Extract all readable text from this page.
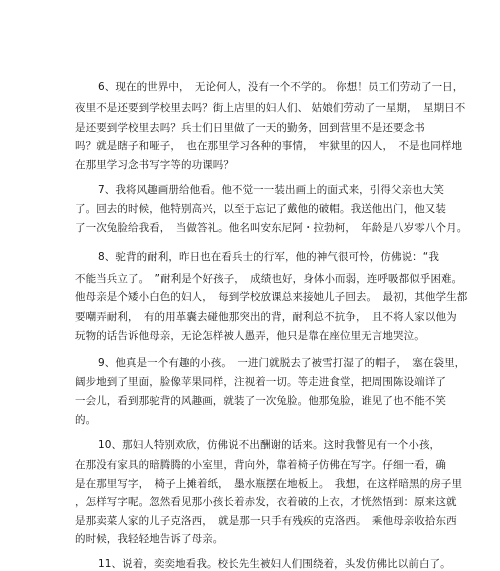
6、现在的世界中，　无论何人，没有一个不学的。 你想！员工们劳动了一日，
夜里不是还要到学校里去吗？街上店里的妇人们、 姑娘们劳动了一星期，　星期日不
是还要到学校里去吗？兵士们日里做了一天的勤务，回到营里不是还要念书
吗？就是瞎子和哑子，　也在那里学习各种的事情，　牢狱里的囚人，　不是也同样地
在那里学习念书写字等的功课吗？
7、我将风趣画册给他看。他不觉一一装出画上的面式来，引得父亲也大笑
了。回去的时候，他特别高兴，以至于忘记了戴他的破帽。我送他出门，他又装
了一次兔脸给我看，　当做答礼。他名叫安东尼阿・拉勃柯，　年龄是八岁零八个月。
8、驼背的耐利，昨日也在看兵士的行军，他的神气很可怜，仿佛说：“我
不能当兵立了。　”耐利是个好孩子，　成绩也好，身体小而弱，连呼吸都似乎困难。
他母亲是个矮小白色的妇人，　每到学校放课总来接她儿子回去。　最初，其他学生都
要嘲弄耐利，　有的用革囊去碰他那突出的背，耐利总不抗争，　且不将人家以他为
玩物的话告诉他母亲，无论怎样被人愚弄，他只是靠在座位里无言地哭泣。
9、他真是一个有趣的小孩。　一进门就脱去了被雪打湿了的帽子，　塞在袋里，
阔步地到了里面，脸像苹果同样，注视着一切。等走进食堂，把周围陈设端详了
一会儿，看到那驼背的风趣画，就装了一次兔脸。他那兔脸，谁见了也不能不笑
的。
10、那妇人特别欢欣，仿佛说不出酬谢的话来。这时我瞥见有一个小孩，
在那没有家具的暗腾腾的小室里，背向外，靠着椅子仿佛在写字。仔细一看，确
是在那里写字，　椅子上摊着纸，　墨水瓶摆在地板上。　我想，在这样暗黑的房子里
，怎样写字呢。忽然看见那小孩长着赤发，衣着破的上衣，才恍然悟到：原来这就
是那卖菜人家的儿子克洛西，　就是那一只手有残疾的克洛西。　乘他母亲收拾东西
的时候，我轻轻地告诉了母亲。
11、说着，奕奕地看我。校长先生被妇人们围绕着，头发仿佛比以前白了。
